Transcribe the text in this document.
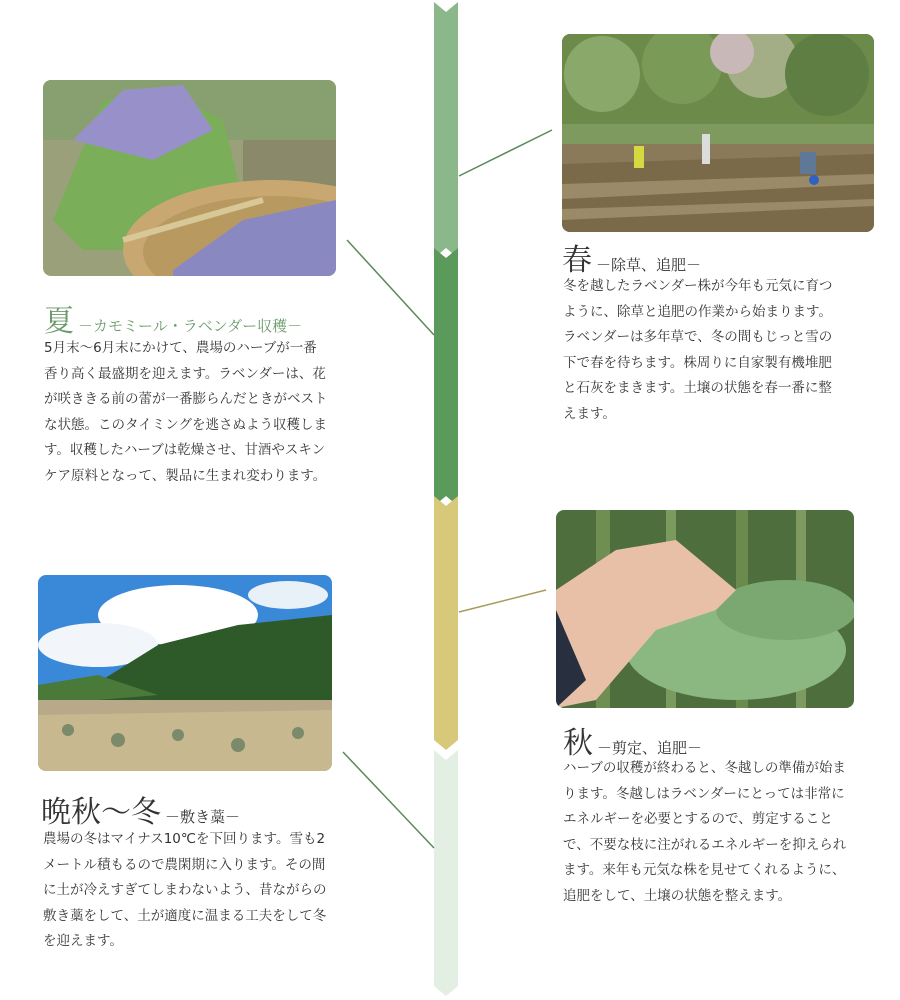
春 －除草、追肥－

冬を越したラベンダー株が今年も元気に育つように、除草と追肥の作業から始まります。ラベンダーは多年草で、冬の間もじっと雪の下で春を待ちます。株周りに自家製有機堆肥と石灰をまきます。土壌の状態を春一番に整えます。

夏 －カモミール・ラベンダー収穫－

5月末～6月末にかけて、農場のハーブが一番香り高く最盛期を迎えます。ラベンダーは、花が咲ききる前の蕾が一番膨らんだときがベストな状態。このタイミングを逃さぬよう収穫します。収穫したハーブは乾燥させ、甘酒やスキンケア原料となって、製品に生まれ変わります。

秋 －剪定、追肥－

ハーブの収穫が終わると、冬越しの準備が始まります。冬越しはラベンダーにとっては非常にエネルギーを必要とするので、剪定することで、不要な枝に注がれるエネルギーを抑えられます。来年も元気な株を見せてくれるように、追肥をして、土壌の状態を整えます。

晩秋～冬 －敷き藁－

農場の冬はマイナス10℃を下回ります。雪も2メートル積もるので農閑期に入ります。その間に土が冷えすぎてしまわないよう、昔ながらの敷き藁をして、土が適度に温まる工夫をして冬を迎えます。
